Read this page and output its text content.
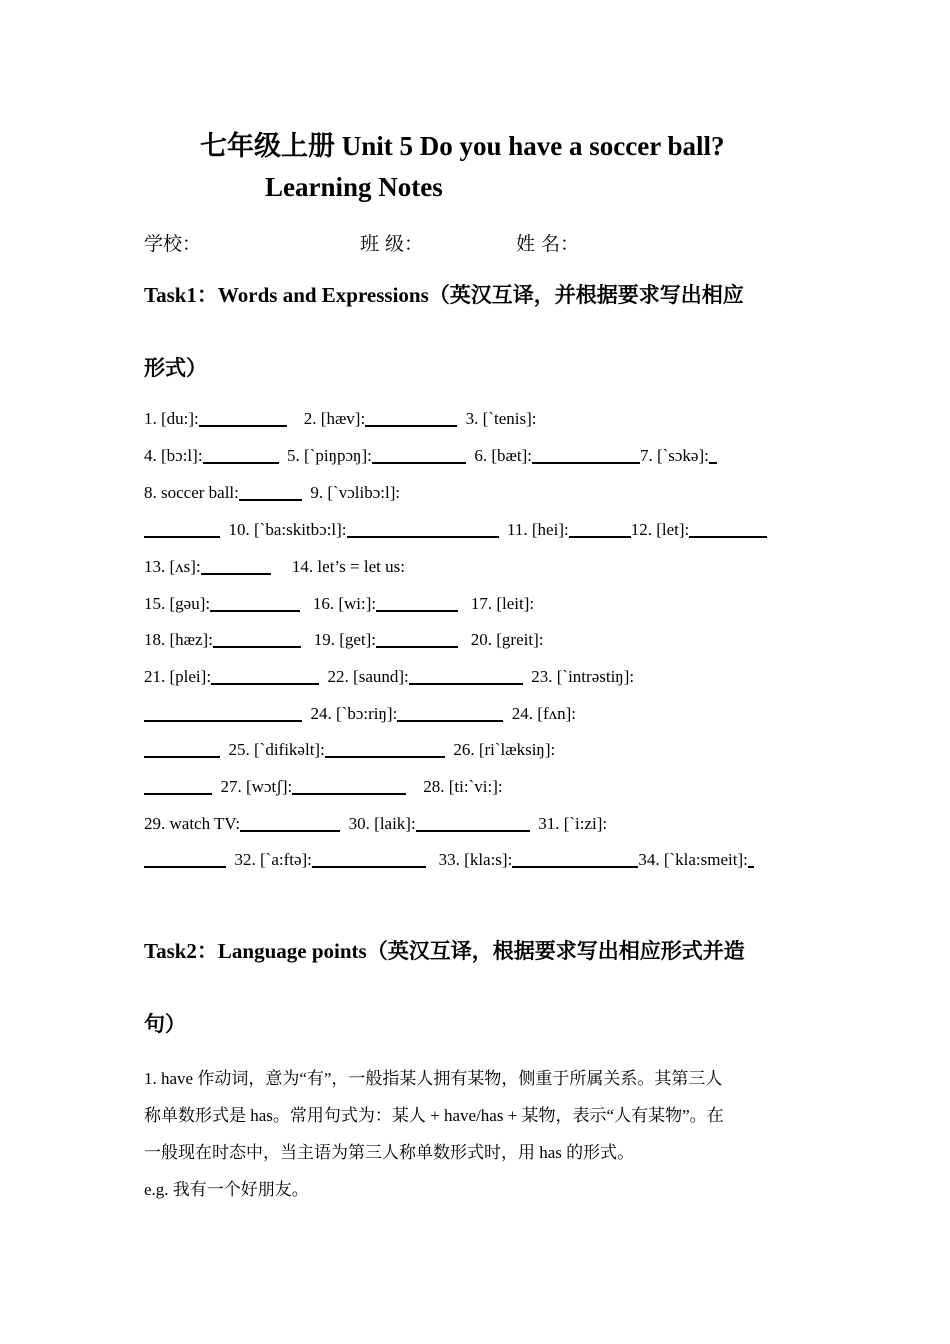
七年级上册 Unit 5 Do you have a soccer ball?
Learning Notes
学校：	班 级：	姓 名：
Task1：Words and Expressions（英汉互译，并根据要求写出相应
形式）
1. [du:]:	2. [hæv]:	3. [`tenis]:
4. [bɔ:l]:	5. [`piŋpɔŋ]:	6. [bæt]:	7. [`sɔkə]:
8. soccer ball:	9. [`vɔlibɔ:l]:
10. [`ba:skitbɔ:l]:	11. [hei]:	12. [let]:
13. [ʌs]:	14. let’s = let us:
15. [gəu]:	16. [wi:]:	17. [leit]:
18. [hæz]:	19. [get]:	20. [greit]:
21. [plei]:	22. [saund]:	23. [`intrəstiŋ]:
24. [`bɔ:riŋ]:	24. [fʌn]:
25. [`difikəlt]:	26. [ri`læksiŋ]:
27. [wɔtʃ]:	28. [ti:`vi:]:
29. watch TV:	30. [laik]:	31. [`i:zi]:
32. [`a:ftə]:	33. [kla:s]:	34. [`kla:smeit]:
Task2：Language points（英汉互译，根据要求写出相应形式并造
句）
1. have 作动词，意为“有”，一般指某人拥有某物，侧重于所属关系。其第三人
称单数形式是 has。常用句式为：某人 + have/has + 某物，表示“人有某物”。在
一般现在时态中，当主语为第三人称单数形式时，用 has 的形式。
e.g. 我有一个好朋友。
